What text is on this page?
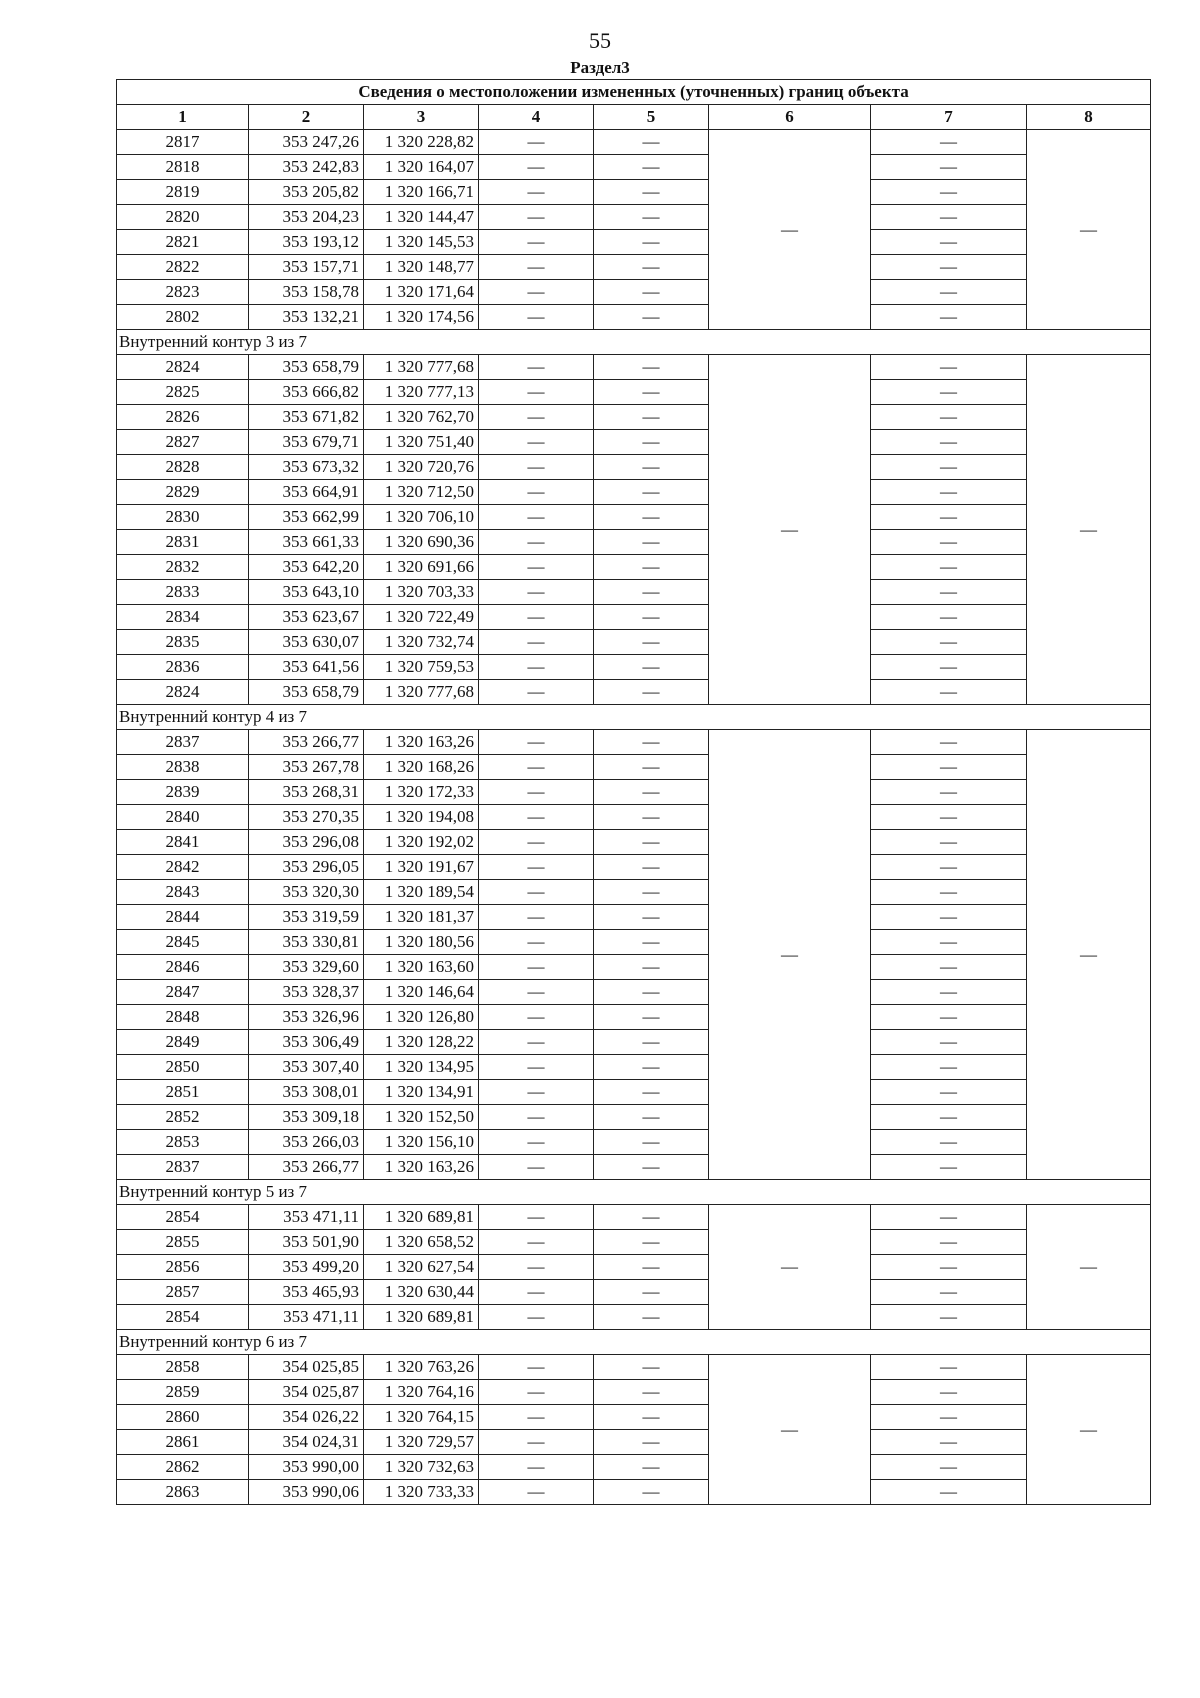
55
Раздел3
Сведения о местоположении измененных (уточненных) границ объекта							
1	2	3	4	5	6	7	8
2817	353 247,26	1 320 228,82	—	—	—	—	—
2818	353 242,83	1 320 164,07	—	—		—	
2819	353 205,82	1 320 166,71	—	—		—	
2820	353 204,23	1 320 144,47	—	—		—	
2821	353 193,12	1 320 145,53	—	—		—	
2822	353 157,71	1 320 148,77	—	—		—	
2823	353 158,78	1 320 171,64	—	—		—	
2802	353 132,21	1 320 174,56	—	—		—	
Внутренний контур 3 из 7							
2824	353 658,79	1 320 777,68	—	—	—	—	—
2825	353 666,82	1 320 777,13	—	—		—	
2826	353 671,82	1 320 762,70	—	—		—	
2827	353 679,71	1 320 751,40	—	—		—	
2828	353 673,32	1 320 720,76	—	—		—	
2829	353 664,91	1 320 712,50	—	—		—	
2830	353 662,99	1 320 706,10	—	—		—	
2831	353 661,33	1 320 690,36	—	—		—	
2832	353 642,20	1 320 691,66	—	—		—	
2833	353 643,10	1 320 703,33	—	—		—	
2834	353 623,67	1 320 722,49	—	—		—	
2835	353 630,07	1 320 732,74	—	—		—	
2836	353 641,56	1 320 759,53	—	—		—	
2824	353 658,79	1 320 777,68	—	—		—	
Внутренний контур 4 из 7							
2837	353 266,77	1 320 163,26	—	—	—	—	—
2838	353 267,78	1 320 168,26	—	—		—	
2839	353 268,31	1 320 172,33	—	—		—	
2840	353 270,35	1 320 194,08	—	—		—	
2841	353 296,08	1 320 192,02	—	—		—	
2842	353 296,05	1 320 191,67	—	—		—	
2843	353 320,30	1 320 189,54	—	—		—	
2844	353 319,59	1 320 181,37	—	—		—	
2845	353 330,81	1 320 180,56	—	—		—	
2846	353 329,60	1 320 163,60	—	—		—	
2847	353 328,37	1 320 146,64	—	—		—	
2848	353 326,96	1 320 126,80	—	—		—	
2849	353 306,49	1 320 128,22	—	—		—	
2850	353 307,40	1 320 134,95	—	—		—	
2851	353 308,01	1 320 134,91	—	—		—	
2852	353 309,18	1 320 152,50	—	—		—	
2853	353 266,03	1 320 156,10	—	—		—	
2837	353 266,77	1 320 163,26	—	—		—	
Внутренний контур 5 из 7							
2854	353 471,11	1 320 689,81	—	—	—	—	—
2855	353 501,90	1 320 658,52	—	—		—	
2856	353 499,20	1 320 627,54	—	—		—	
2857	353 465,93	1 320 630,44	—	—		—	
2854	353 471,11	1 320 689,81	—	—		—	
Внутренний контур 6 из 7							
2858	354 025,85	1 320 763,26	—	—	—	—	—
2859	354 025,87	1 320 764,16	—	—		—	
2860	354 026,22	1 320 764,15	—	—		—	
2861	354 024,31	1 320 729,57	—	—		—	
2862	353 990,00	1 320 732,63	—	—		—	
2863	353 990,06	1 320 733,33	—	—		—	
